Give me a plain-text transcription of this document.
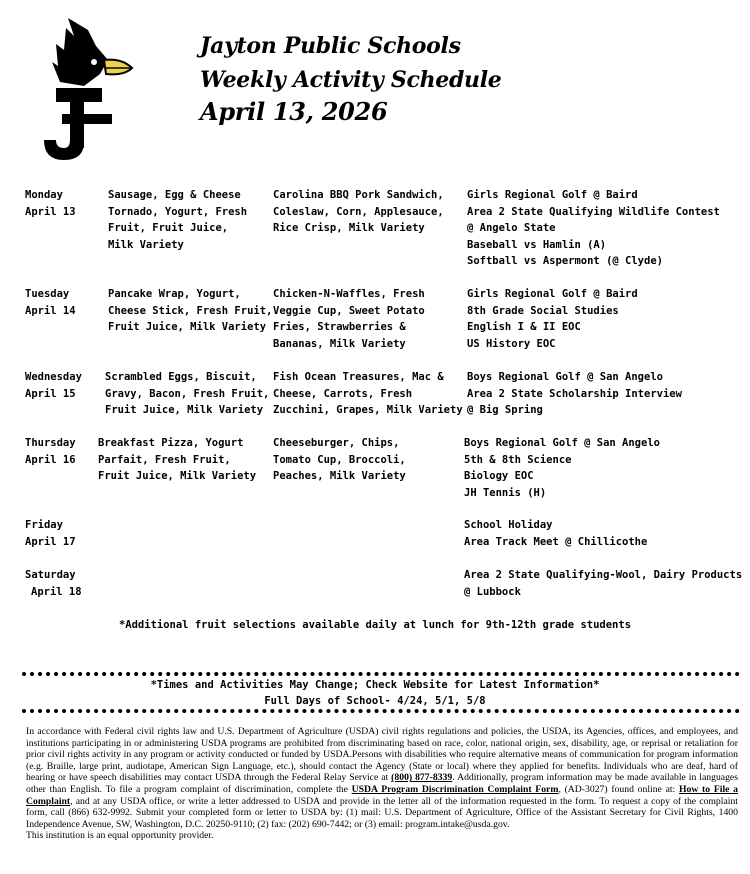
Jayton Public Schools
Weekly Activity Schedule
April 13, 2026
Monday
April 13
Sausage, Egg & Cheese
Tornado, Yogurt, Fresh
Fruit, Fruit Juice,
Milk Variety
Carolina BBQ Pork Sandwich,
Coleslaw, Corn, Applesauce,
Rice Crisp, Milk Variety
Girls Regional Golf @ Baird
Area 2 State Qualifying Wildlife Contest
@ Angelo State
Baseball vs Hamlin (A)
Softball vs Aspermont (@ Clyde)
Tuesday
April 14
Pancake Wrap, Yogurt,
Cheese Stick, Fresh Fruit,
Fruit Juice, Milk Variety
Chicken-N-Waffles, Fresh
Veggie Cup, Sweet Potato
Fries, Strawberries &
Bananas, Milk Variety
Girls Regional Golf @ Baird
8th Grade Social Studies
English I & II EOC
US History EOC
Wednesday
April 15
Scrambled Eggs, Biscuit,
Gravy, Bacon, Fresh Fruit,
Fruit Juice, Milk Variety
Fish Ocean Treasures, Mac &
Cheese, Carrots, Fresh
Zucchini, Grapes, Milk Variety
Boys Regional Golf @ San Angelo
Area 2 State Scholarship Interview
@ Big Spring
Thursday
April 16
Breakfast Pizza, Yogurt
Parfait, Fresh Fruit,
Fruit Juice, Milk Variety
Cheeseburger, Chips,
Tomato Cup, Broccoli,
Peaches, Milk Variety
Boys Regional Golf @ San Angelo
5th & 8th Science
Biology EOC
JH Tennis (H)
Friday
April 17
School Holiday
Area Track Meet @ Chillicothe
Saturday
April 18
Area 2 State Qualifying-Wool, Dairy Products
@ Lubbock
*Additional fruit selections available daily at lunch for 9th-12th grade students
*Times and Activities May Change; Check Website for Latest Information*
Full Days of School- 4/24, 5/1, 5/8
In accordance with Federal civil rights law and U.S. Department of Agriculture (USDA) civil rights regulations and policies, the USDA, its Agencies, offices, and employees, and institutions participating in or administering USDA programs are prohibited from discriminating based on race, color, national origin, sex, disability, age, or reprisal or retaliation for prior civil rights activity in any program or activity conducted or funded by USDA.Persons with disabilities who require alternative means of communication for program information (e.g. Braille, large print, audiotape, American Sign Language, etc.), should contact the Agency (State or local) where they applied for benefits. Individuals who are deaf, hard of hearing or have speech disabilities may contact USDA through the Federal Relay Service at (800) 877-8339. Additionally, program information may be made available in languages other than English. To file a program complaint of discrimination, complete the USDA Program Discrimination Complaint Form, (AD-3027) found online at: How to File a Complaint, and at any USDA office, or write a letter addressed to USDA and provide in the letter all of the information requested in the form. To request a copy of the complaint form, call (866) 632-9992. Submit your completed form or letter to USDA by: (1) mail: U.S. Department of Agriculture, Office of the Assistant Secretary for Civil Rights, 1400 Independence Avenue, SW, Washington, D.C. 20250-9110; (2) fax: (202) 690-7442; or (3) email: program.intake@usda.gov.
This institution is an equal opportunity provider.
